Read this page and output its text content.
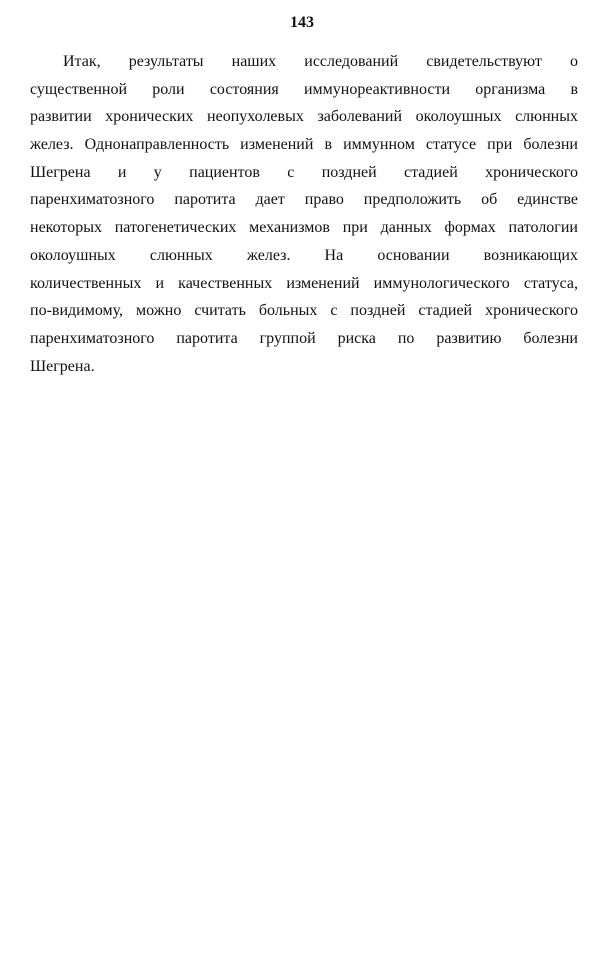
143
Итак, результаты наших исследований свидетельствуют о
существенной роли состояния иммунореактивности организма в
развитии хронических неопухолевых заболеваний околоушных слюнных
желез. Однонаправленность изменений в иммунном статусе при болезни
Шегрена и у пациентов с поздней стадией хронического
паренхиматозного паротита дает право предположить об единстве
некоторых патогенетических механизмов при данных формах патологии
околоушных слюнных желез. На основании возникающих
количественных и качественных изменений иммунологического статуса,
по-видимому, можно считать больных с поздней стадией хронического
паренхиматозного паротита группой риска по развитию болезни
Шегрена.
